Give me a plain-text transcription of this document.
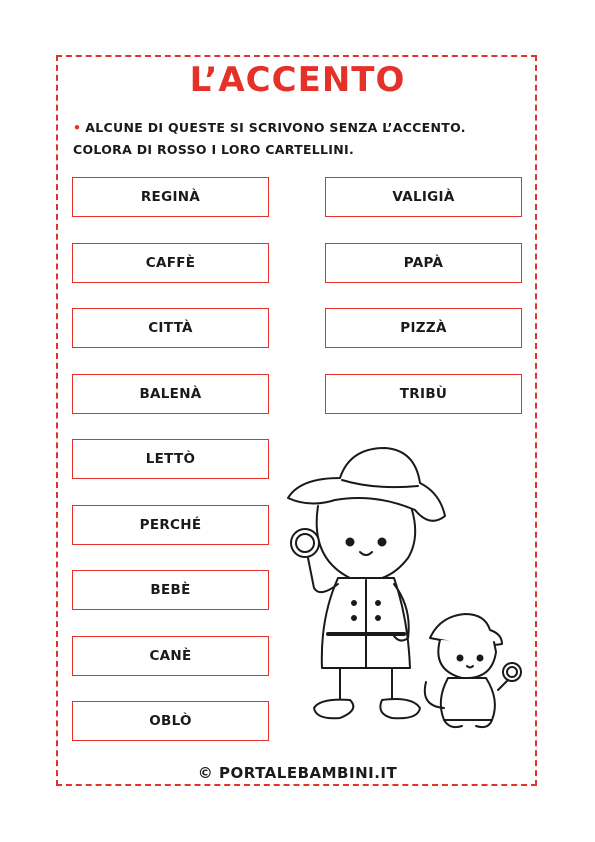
L’ACCENTO
• ALCUNE DI QUESTE SI SCRIVONO SENZA L’ACCENTO.
COLORA DI ROSSO I LORO CARTELLINI.
REGINÀ
CAFFÈ
CITTÀ
BALENÀ
LETTÒ
PERCHÉ
BEBÈ
CANÈ
OBLÒ
VALIGIÀ
PAPÀ
PIZZÀ
TRIBÙ
© PORTALEBAMBINI.IT
